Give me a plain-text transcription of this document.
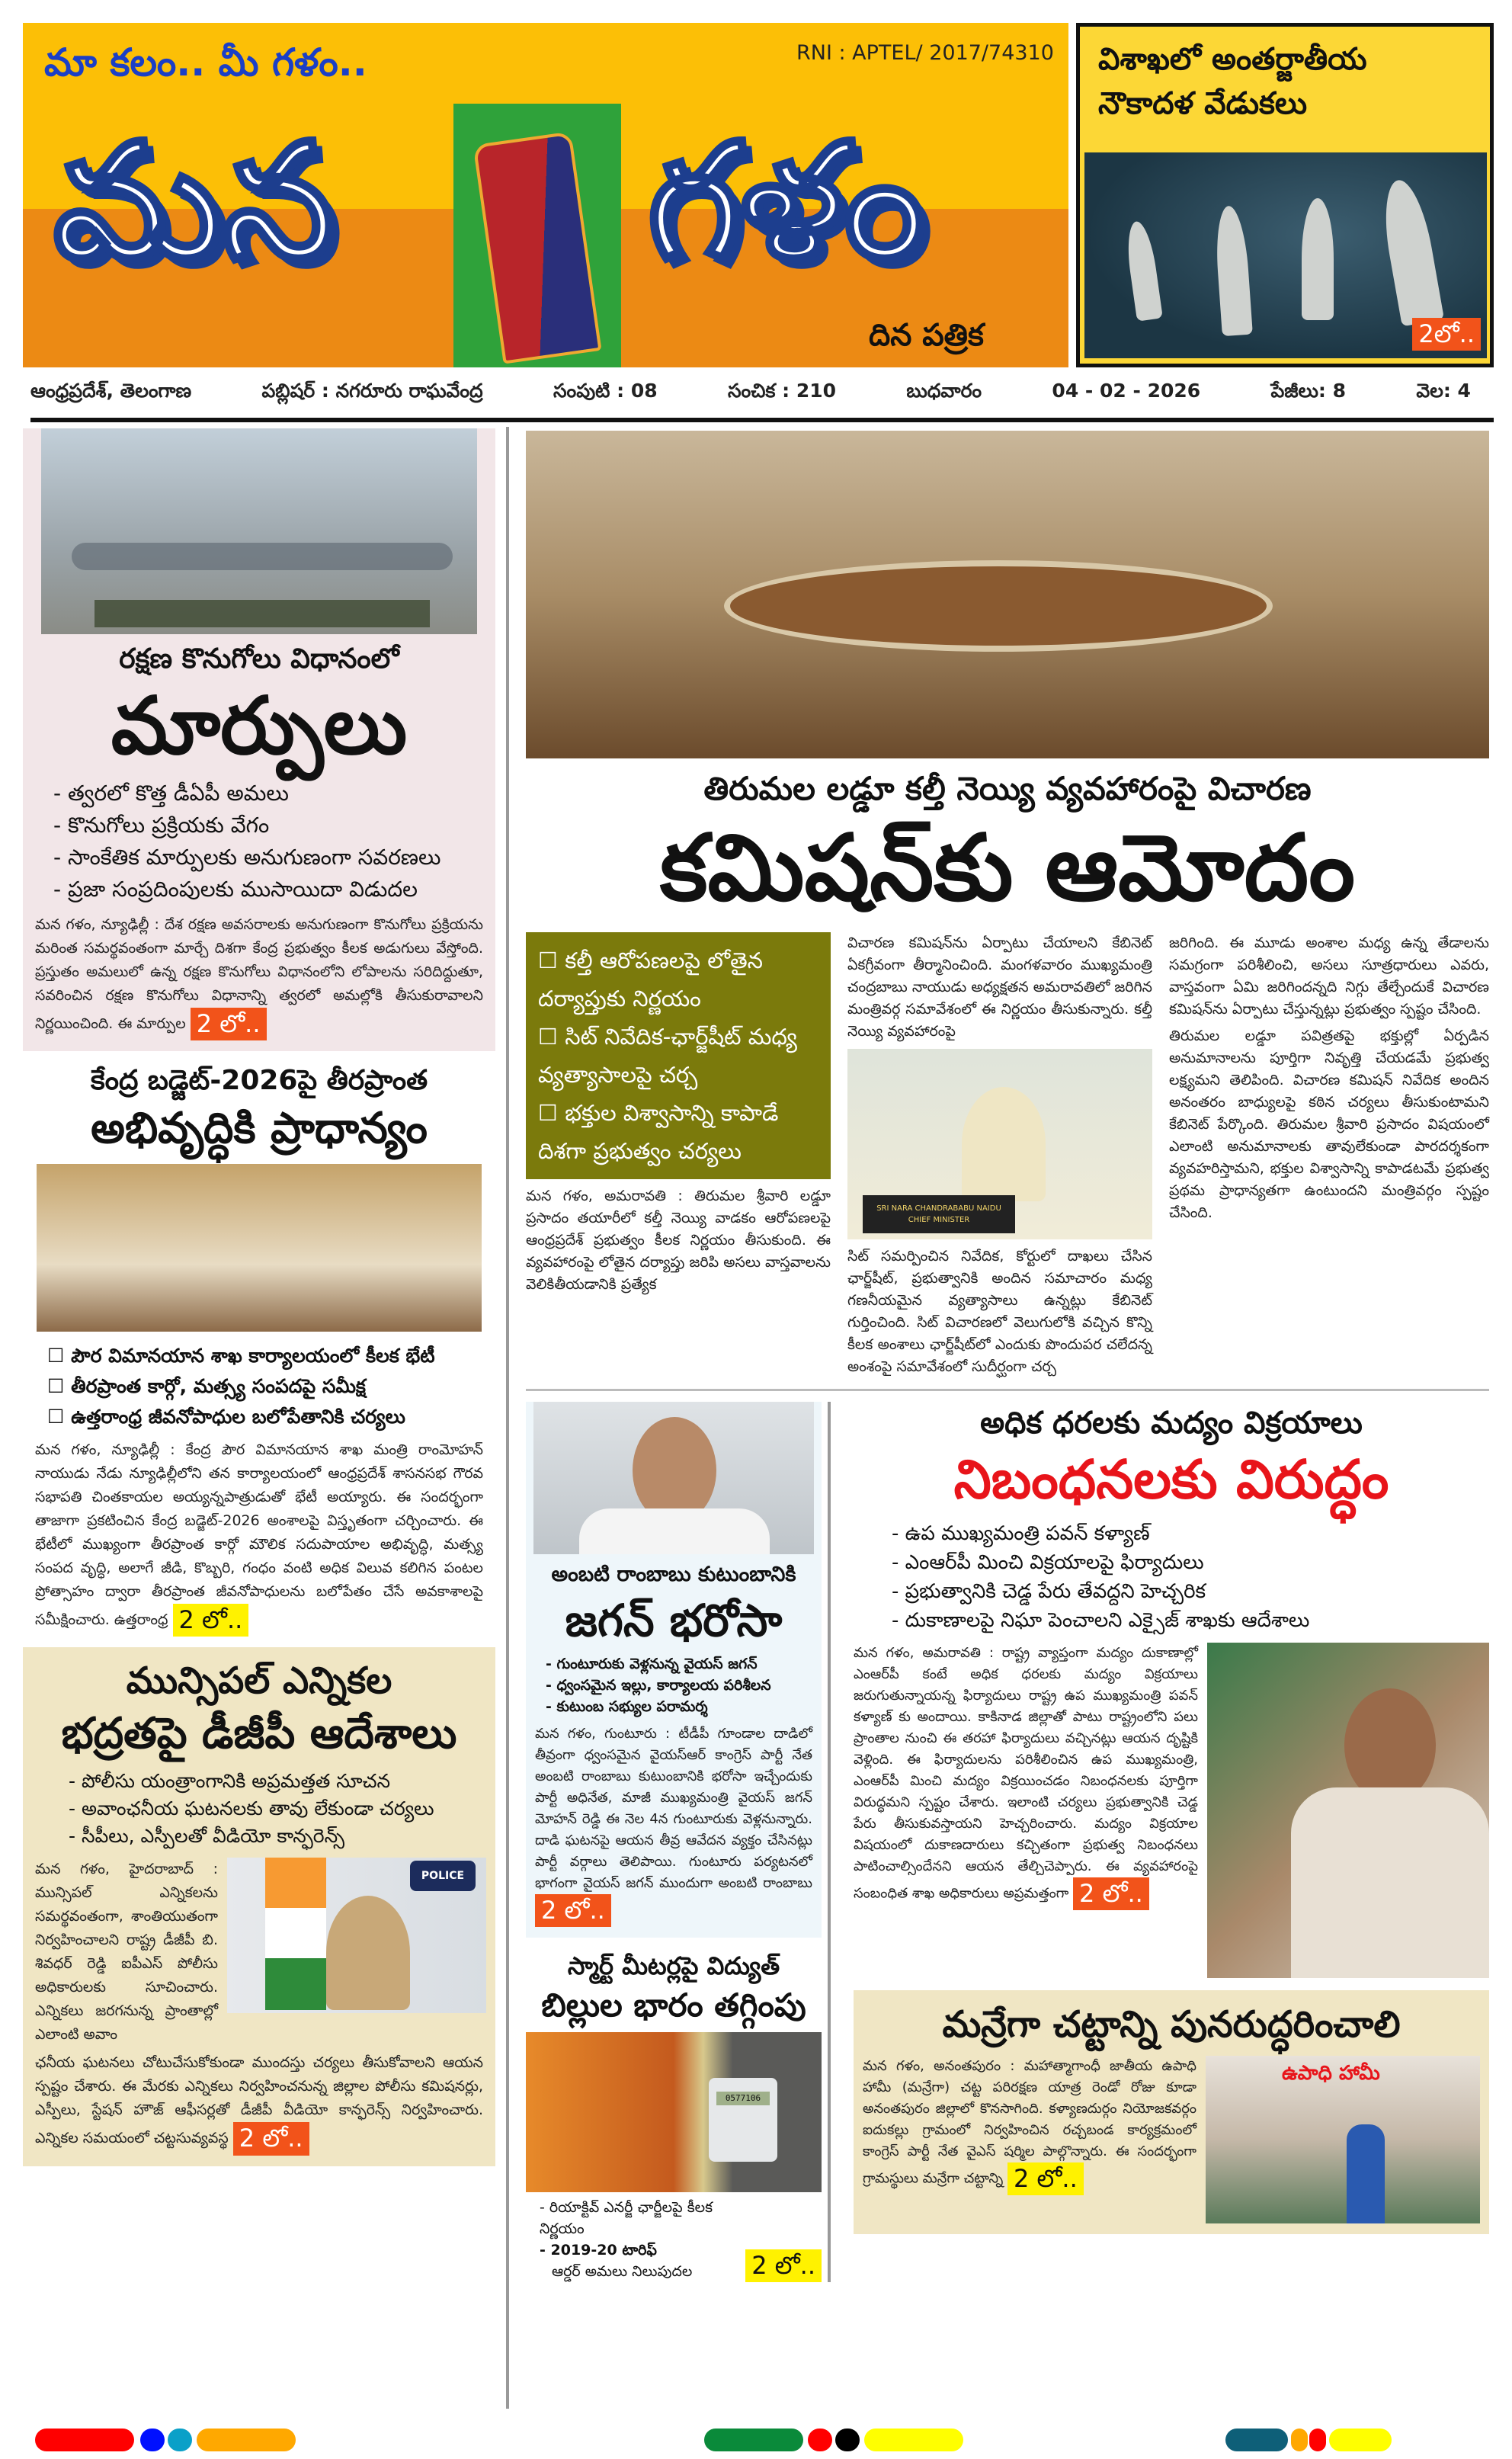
మా కలం.. మీ గళం..	RNI : APTEL/ 2017/74310
మన గళం
దిన పత్రిక
విశాఖలో అంతర్జాతీయ
నౌకాదళ వేడుకలు
2లో..
ఆంధ్రప్రదేశ్, తెలంగాణ	పబ్లిషర్ : నగరూరు రాఘవేంద్ర	సంపుటి : 08	సంచిక : 210	బుధవారం	04 - 02 - 2026	పేజీలు: 8	వెల: 4
రక్షణ కొనుగోలు విధానంలో
మార్పులు
- త్వరలో కొత్త డీఏపీ అమలు
- కొనుగోలు ప్రక్రియకు వేగం
- సాంకేతిక మార్పులకు అనుగుణంగా సవరణలు
- ప్రజా సంప్రదింపులకు ముసాయిదా విడుదల

మన గళం, న్యూఢిల్లీ : దేశ రక్షణ అవసరాలకు అనుగుణంగా కొనుగోలు ప్రక్రియను మరింత సమర్థవంతంగా మార్చే దిశగా కేంద్ర ప్రభుత్వం కీలక అడుగులు వేస్తోంది. ప్రస్తుతం అమలులో ఉన్న రక్షణ కొనుగోలు విధానంలోని లోపాలను సరిదిద్దుతూ, సవరించిన రక్షణ కొనుగోలు విధానాన్ని త్వరలో అమల్లోకి తీసుకురావాలని నిర్ణయించింది. ఈ మార్పుల 2 లో..

కేంద్ర బడ్జెట్-2026పై తీరప్రాంత
అభివృద్ధికి ప్రాధాన్యం
☐ పౌర విమానయాన శాఖ కార్యాలయంలో కీలక భేటీ
☐ తీరప్రాంత కార్గో, మత్స్య సంపదపై సమీక్ష
☐ ఉత్తరాంధ్ర జీవనోపాధుల బలోపేతానికి చర్యలు

మన గళం, న్యూఢిల్లీ : కేంద్ర పౌర విమానయాన శాఖ మంత్రి రాంమోహన్ నాయుడు నేడు న్యూఢిల్లీలోని తన కార్యాలయంలో ఆంధ్రప్రదేశ్ శాసనసభ గౌరవ సభాపతి చింతకాయల అయ్యన్నపాత్రుడుతో భేటీ అయ్యారు. ఈ సందర్భంగా తాజాగా ప్రకటించిన కేంద్ర బడ్జెట్-2026 అంశాలపై విస్తృతంగా చర్చించారు. ఈ భేటీలో ముఖ్యంగా తీరప్రాంత కార్గో మౌలిక సదుపాయాల అభివృద్ధి, మత్స్య సంపద వృద్ధి, అలాగే జీడి, కొబ్బరి, గంధం వంటి అధిక విలువ కలిగిన పంటల ప్రోత్సాహం ద్వారా తీరప్రాంత జీవనోపాధులను బలోపేతం చేసే అవకాశాలపై సమీక్షించారు. ఉత్తరాంధ్ర 2 లో..

మున్సిపల్ ఎన్నికల
భద్రతపై డీజీపీ ఆదేశాలు
- పోలీసు యంత్రాంగానికి అప్రమత్తత సూచన
- అవాంఛనీయ ఘటనలకు తావు లేకుండా చర్యలు
- సీపీలు, ఎస్పీలతో వీడియో కాన్ఫరెన్స్

మన గళం, హైదరాబాద్ : మున్సిపల్ ఎన్నికలను సమర్థవంతంగా, శాంతియుతంగా నిర్వహించాలని రాష్ట్ర డీజీపీ బి. శివధర్ రెడ్డి ఐపీఎస్ పోలీసు అధికారులకు సూచించారు. ఎన్నికలు జరగనున్న ప్రాంతాల్లో ఎలాంటి అవాం

POLICE

ఛనీయ ఘటనలు చోటుచేసుకోకుండా ముందస్తు చర్యలు తీసుకోవాలని ఆయన స్పష్టం చేశారు. ఈ మేరకు ఎన్నికలు నిర్వహించనున్న జిల్లాల పోలీసు కమిషనర్లు, ఎస్పీలు, స్టేషన్ హౌజ్ ఆఫీసర్లతో డీజీపీ వీడియో కాన్ఫరెన్స్ నిర్వహించారు. ఎన్నికల సమయంలో చట్టసువ్యవస్థ 2 లో..

తిరుమల లడ్డూ కల్తీ నెయ్యి వ్యవహారంపై విచారణ
కమిషన్‌కు ఆమోదం
☐ కల్తీ ఆరోపణలపై లోతైన దర్యాప్తుకు నిర్ణయం
☐ సిట్ నివేదిక-ఛార్జ్‌షీట్ మధ్య వ్యత్యాసాలపై చర్చ
☐ భక్తుల విశ్వాసాన్ని కాపాడే దిశగా ప్రభుత్వం చర్యలు

మన గళం, అమరావతి : తిరుమల శ్రీవారి లడ్డూ ప్రసాదం తయారీలో కల్తీ నెయ్యి వాడకం ఆరోపణలపై ఆంధ్రప్రదేశ్ ప్రభుత్వం కీలక నిర్ణయం తీసుకుంది. ఈ వ్యవహారంపై లోతైన దర్యాప్తు జరిపి అసలు వాస్తవాలను వెలికితీయడానికి ప్రత్యేక

విచారణ కమిషన్‌ను ఏర్పాటు చేయాలని కేబినెట్ ఏకగ్రీవంగా తీర్మానించింది. మంగళవారం ముఖ్యమంత్రి చంద్రబాబు నాయుడు అధ్యక్షతన అమరావతిలో జరిగిన మంత్రివర్గ సమావేశంలో ఈ నిర్ణయం తీసుకున్నారు. కల్తీ నెయ్యి వ్యవహారంపై

SRI NARA CHANDRABABU NAIDU
CHIEF MINISTER

సిట్ సమర్పించిన నివేదిక, కోర్టులో దాఖలు చేసిన ఛార్జ్‌షీట్, ప్రభుత్వానికి అందిన సమాచారం మధ్య గణనీయమైన వ్యత్యాసాలు ఉన్నట్లు కేబినెట్ గుర్తించింది. సిట్ విచారణలో వెలుగులోకి వచ్చిన కొన్ని కీలక అంశాలు ఛార్జ్‌షీట్‌లో ఎందుకు పొందుపర చలేదన్న అంశంపై సమావేశంలో సుదీర్ఘంగా చర్చ

జరిగింది. ఈ మూడు అంశాల మధ్య ఉన్న తేడాలను సమగ్రంగా పరిశీలించి, అసలు సూత్రధారులు ఎవరు, వాస్తవంగా ఏమి జరిగిందన్నది నిగ్గు తేల్చేందుకే విచారణ కమిషన్‌ను ఏర్పాటు చేస్తున్నట్లు ప్రభుత్వం స్పష్టం చేసింది.

తిరుమల లడ్డూ పవిత్రతపై భక్తుల్లో ఏర్పడిన అనుమానాలను పూర్తిగా నివృత్తి చేయడమే ప్రభుత్వ లక్ష్యమని తెలిపింది. విచారణ కమిషన్ నివేదిక అందిన అనంతరం బాధ్యులపై కఠిన చర్యలు తీసుకుంటామని కేబినెట్ పేర్కొంది. తిరుమల శ్రీవారి ప్రసాదం విషయంలో ఎలాంటి అనుమానాలకు తావులేకుండా పారదర్శకంగా వ్యవహరిస్తామని, భక్తుల విశ్వాసాన్ని కాపాడటమే ప్రభుత్వ ప్రథమ ప్రాధాన్యతగా ఉంటుందని మంత్రివర్గం స్పష్టం చేసింది.

అంబటి రాంబాబు కుటుంబానికి
జగన్ భరోసా
- గుంటూరుకు వెళ్లనున్న వైయస్ జగన్
- ధ్వంసమైన ఇల్లు, కార్యాలయ పరిశీలన
- కుటుంబ సభ్యుల పరామర్శ

మన గళం, గుంటూరు : టీడీపీ గూండాల దాడిలో తీవ్రంగా ధ్వంసమైన వైయస్‌ఆర్ కాంగ్రెస్ పార్టీ నేత అంబటి రాంబాబు కుటుంబానికి భరోసా ఇచ్చేందుకు పార్టీ అధినేత, మాజీ ముఖ్యమంత్రి వైయస్ జగన్ మోహన్ రెడ్డి ఈ నెల 4న గుంటూరుకు వెళ్లనున్నారు. దాడి ఘటనపై ఆయన తీవ్ర ఆవేదన వ్యక్తం చేసినట్లు పార్టీ వర్గాలు తెలిపాయి. గుంటూరు పర్యటనలో భాగంగా వైయస్ జగన్ ముందుగా అంబటి రాంబాబు 2 లో..

స్మార్ట్ మీటర్లపై విద్యుత్
బిల్లుల భారం తగ్గింపు
0577106
- రియాక్టివ్ ఎనర్జీ ఛార్జీలపై కీలక నిర్ణయం
- 2019-20 టారిఫ్
ఆర్డర్ అమలు నిలుపుదల	2 లో..
అధిక ధరలకు మద్యం విక్రయాలు
నిబంధనలకు విరుద్ధం
- ఉప ముఖ్యమంత్రి పవన్ కళ్యాణ్
- ఎంఆర్‌పీ మించి విక్రయాలపై ఫిర్యాదులు
- ప్రభుత్వానికి చెడ్డ పేరు తేవద్దని హెచ్చరిక
- దుకాణాలపై నిఘా పెంచాలని ఎక్సైజ్ శాఖకు ఆదేశాలు

మన గళం, అమరావతి : రాష్ట్ర వ్యాప్తంగా మద్యం దుకాణాల్లో ఎంఆర్‌పీ కంటే అధిక ధరలకు మద్యం విక్రయాలు జరుగుతున్నాయన్న ఫిర్యాదులు రాష్ట్ర ఉప ముఖ్యమంత్రి పవన్ కళ్యాణ్ కు అందాయి. కాకినాడ జిల్లాతో పాటు రాష్ట్రంలోని పలు ప్రాంతాల నుంచి ఈ తరహా ఫిర్యాదులు వచ్చినట్లు ఆయన దృష్టికి వెళ్లింది. ఈ ఫిర్యాదులను పరిశీలించిన ఉప ముఖ్యమంత్రి, ఎంఆర్‌పీ మించి మద్యం విక్రయించడం నిబంధనలకు పూర్తిగా విరుద్ధమని స్పష్టం చేశారు. ఇలాంటి చర్యలు ప్రభుత్వానికి చెడ్డ పేరు తీసుకువస్తాయని హెచ్చరించారు. మద్యం విక్రయాల విషయంలో దుకాణదారులు కచ్చితంగా ప్రభుత్వ నిబంధనలు పాటించాల్సిందేనని ఆయన తేల్చిచెప్పారు. ఈ వ్యవహారంపై సంబంధిత శాఖ అధికారులు అప్రమత్తంగా 2 లో..

మన్రేగా చట్టాన్ని పునరుద్ధరించాలి

మన గళం, అనంతపురం : మహాత్మాగాంధీ జాతీయ ఉపాధి హామీ (మన్రేగా) చట్ట పరిరక్షణ యాత్ర రెండో రోజు కూడా అనంతపురం జిల్లాలో కొనసాగింది. కళ్యాణదుర్గం నియోజకవర్గం ఐదుకల్లు గ్రామంలో నిర్వహించిన రచ్చబండ కార్యక్రమంలో కాంగ్రెస్ పార్టీ నేత వైఎస్ షర్మిల పాల్గొన్నారు. ఈ సందర్భంగా గ్రామస్థులు మన్రేగా చట్టాన్ని 2 లో..

ఉపాధి హామీ
